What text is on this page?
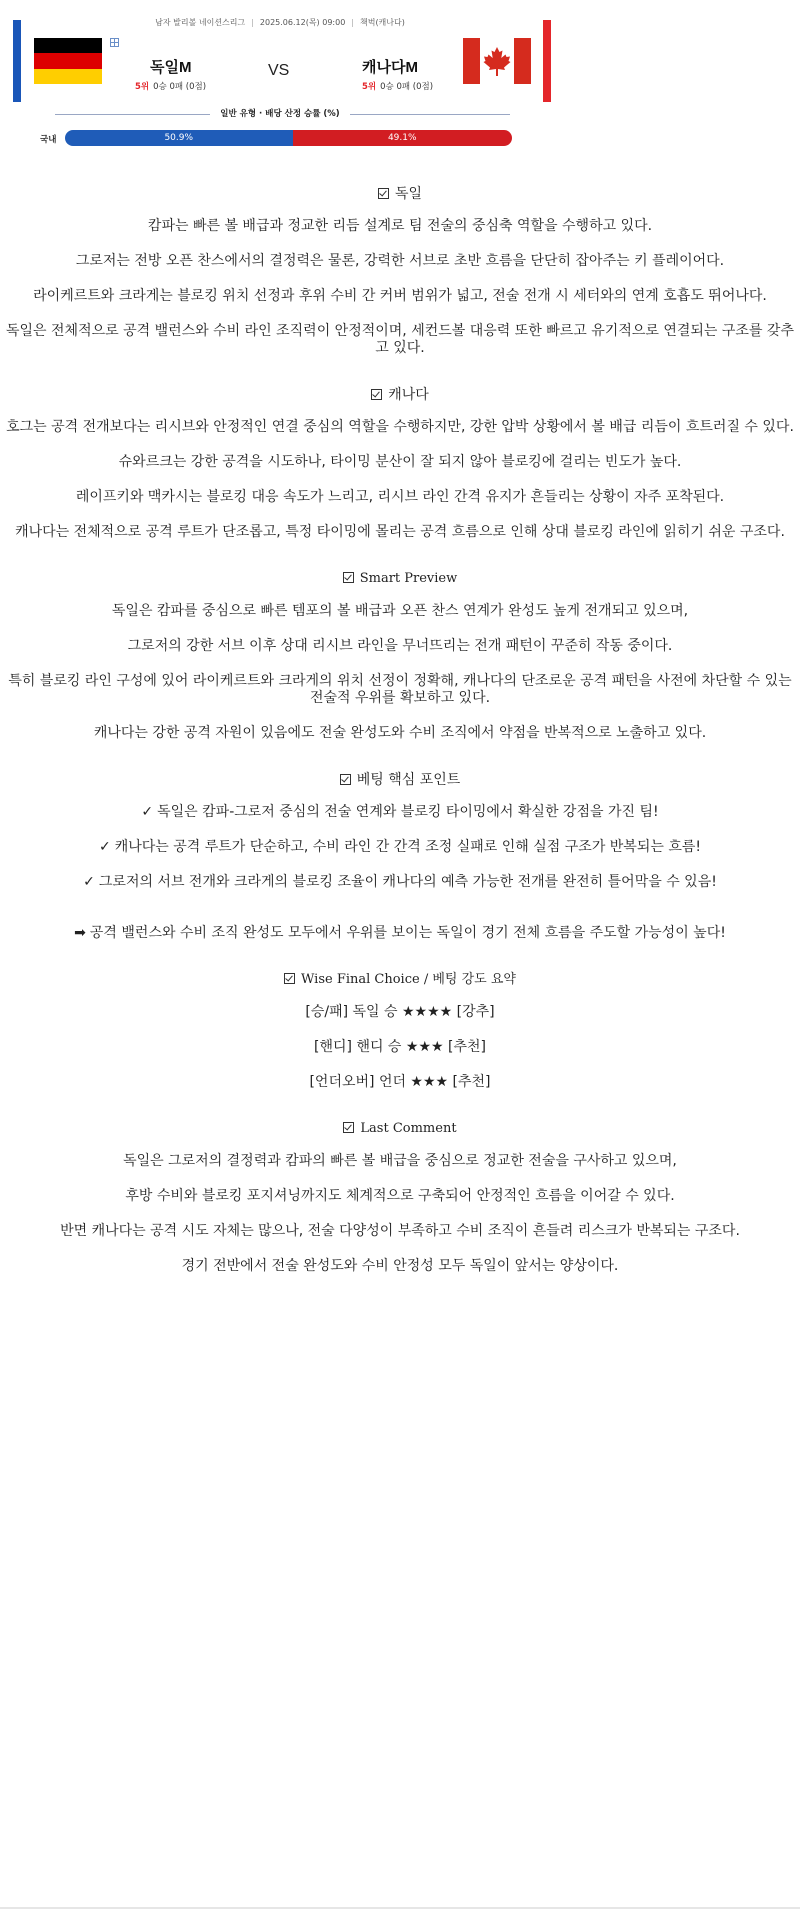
남자 발리볼 네이션스리그 | 2025.06.12(목) 09:00 | 책벅(캐나다)
독일M
5위 0승 0패 (0점)
VS	캐나다M
5위 0승 0패 (0점)
일반 유형 · 배당 산정 승률 (%)
국내	50.9%	49.1%
독일

캄파는 빠른 볼 배급과 정교한 리듬 설계로 팀 전술의 중심축 역할을 수행하고 있다.

그로저는 전방 오픈 찬스에서의 결정력은 물론, 강력한 서브로 초반 흐름을 단단히 잡아주는 키 플레이어다.

라이케르트와 크라게는 블로킹 위치 선정과 후위 수비 간 커버 범위가 넓고, 전술 전개 시 세터와의 연계 호흡도 뛰어나다.

독일은 전체적으로 공격 밸런스와 수비 라인 조직력이 안정적이며, 세컨드볼 대응력 또한 빠르고 유기적으로 연결되는 구조를 갖추고 있다.

캐나다

호그는 공격 전개보다는 리시브와 안정적인 연결 중심의 역할을 수행하지만, 강한 압박 상황에서 볼 배급 리듬이 흐트러질 수 있다.

슈와르크는 강한 공격을 시도하나, 타이밍 분산이 잘 되지 않아 블로킹에 걸리는 빈도가 높다.

레이프키와 맥카시는 블로킹 대응 속도가 느리고, 리시브 라인 간격 유지가 흔들리는 상황이 자주 포착된다.

캐나다는 전체적으로 공격 루트가 단조롭고, 특정 타이밍에 몰리는 공격 흐름으로 인해 상대 블로킹 라인에 읽히기 쉬운 구조다.

Smart Preview

독일은 캄파를 중심으로 빠른 템포의 볼 배급과 오픈 찬스 연계가 완성도 높게 전개되고 있으며,

그로저의 강한 서브 이후 상대 리시브 라인을 무너뜨리는 전개 패턴이 꾸준히 작동 중이다.

특히 블로킹 라인 구성에 있어 라이케르트와 크라게의 위치 선정이 정확해, 캐나다의 단조로운 공격 패턴을 사전에 차단할 수 있는 전술적 우위를 확보하고 있다.

캐나다는 강한 공격 자원이 있음에도 전술 완성도와 수비 조직에서 약점을 반복적으로 노출하고 있다.

베팅 핵심 포인트

✓ 독일은 캄파-그로저 중심의 전술 연계와 블로킹 타이밍에서 확실한 강점을 가진 팀!

✓ 캐나다는 공격 루트가 단순하고, 수비 라인 간 간격 조정 실패로 인해 실점 구조가 반복되는 흐름!

✓ 그로저의 서브 전개와 크라게의 블로킹 조율이 캐나다의 예측 가능한 전개를 완전히 틀어막을 수 있음!

➡ 공격 밸런스와 수비 조직 완성도 모두에서 우위를 보이는 독일이 경기 전체 흐름을 주도할 가능성이 높다!

Wise Final Choice / 베팅 강도 요약

[승/패] 독일 승 ★★★★ [강추]

[핸디] 핸디 승 ★★★ [추천]

[언더오버] 언더 ★★★ [추천]

Last Comment

독일은 그로저의 결정력과 캄파의 빠른 볼 배급을 중심으로 정교한 전술을 구사하고 있으며,

후방 수비와 블로킹 포지셔닝까지도 체계적으로 구축되어 안정적인 흐름을 이어갈 수 있다.

반면 캐나다는 공격 시도 자체는 많으나, 전술 다양성이 부족하고 수비 조직이 흔들려 리스크가 반복되는 구조다.

경기 전반에서 전술 완성도와 수비 안정성 모두 독일이 앞서는 양상이다.
